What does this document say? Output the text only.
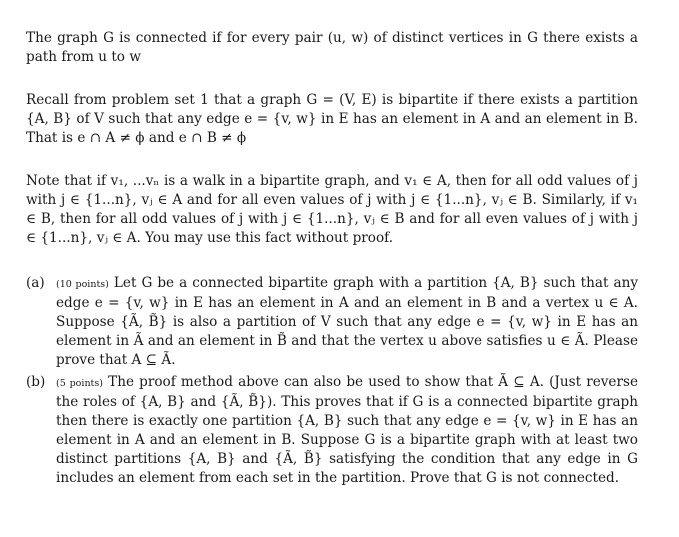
The graph G is connected if for every pair (u, w) of distinct vertices in G there exists a path from u to w

Recall from problem set 1 that a graph G = (V, E) is bipartite if there exists a partition {A, B} of V such that any edge e = {v, w} in E has an element in A and an element in B. That is e ∩ A ≠ ϕ and e ∩ B ≠ ϕ

Note that if v₁, ...vₙ is a walk in a bipartite graph, and v₁ ∈ A, then for all odd values of j with j ∈ {1...n}, vⱼ ∈ A and for all even values of j with j ∈ {1...n}, vⱼ ∈ B. Similarly, if v₁ ∈ B, then for all odd values of j with j ∈ {1...n}, vⱼ ∈ B and for all even values of j with j ∈ {1...n}, vⱼ ∈ A. You may use this fact without proof.

(a) (10 points) Let G be a connected bipartite graph with a partition {A, B} such that any edge e = {v, w} in E has an element in A and an element in B and a vertex u ∈ A. Suppose {Ã, B̃} is also a partition of V such that any edge e = {v, w} in E has an element in Ã and an element in B̃ and that the vertex u above satisfies u ∈ Ã. Please prove that A ⊆ Ã.
(b) (5 points) The proof method above can also be used to show that Ã ⊆ A. (Just reverse the roles of {A, B} and {Ã, B̃}). This proves that if G is a connected bipartite graph then there is exactly one partition {A, B} such that any edge e = {v, w} in E has an element in A and an element in B. Suppose G is a bipartite graph with at least two distinct partitions {A, B} and {Ã, B̃} satisfying the condition that any edge in G includes an element from each set in the partition. Prove that G is not connected.
